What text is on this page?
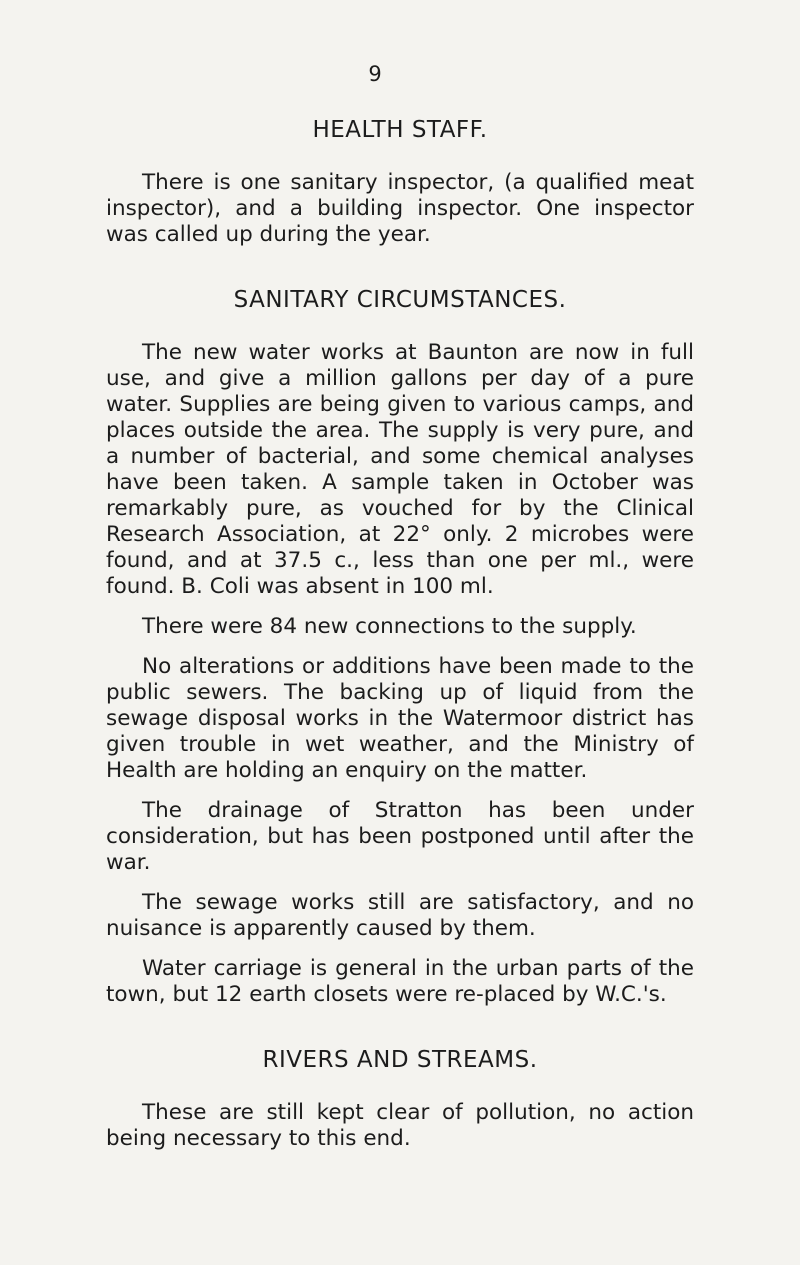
9
HEALTH STAFF.

There is one sanitary inspector, (a qualified meat inspector), and a building inspector. One inspector was called up during the year.

SANITARY CIRCUMSTANCES.

The new water works at Baunton are now in full use, and give a million gallons per day of a pure water. Supplies are being given to various camps, and places outside the area. The supply is very pure, and a number of bacterial, and some chemical analyses have been taken. A sample taken in October was remarkably pure, as vouched for by the Clinical Research Association, at 22° only. 2 microbes were found, and at 37.5 c., less than one per ml., were found. B. Coli was absent in 100 ml.

There were 84 new connections to the supply.

No alterations or additions have been made to the public sewers. The backing up of liquid from the sewage disposal works in the Watermoor district has given trouble in wet weather, and the Ministry of Health are holding an enquiry on the matter.

The drainage of Stratton has been under consideration, but has been postponed until after the war.

The sewage works still are satisfactory, and no nuisance is apparently caused by them.

Water carriage is general in the urban parts of the town, but 12 earth closets were re-placed by W.C.'s.

RIVERS AND STREAMS.

These are still kept clear of pollution, no action being necessary to this end.
